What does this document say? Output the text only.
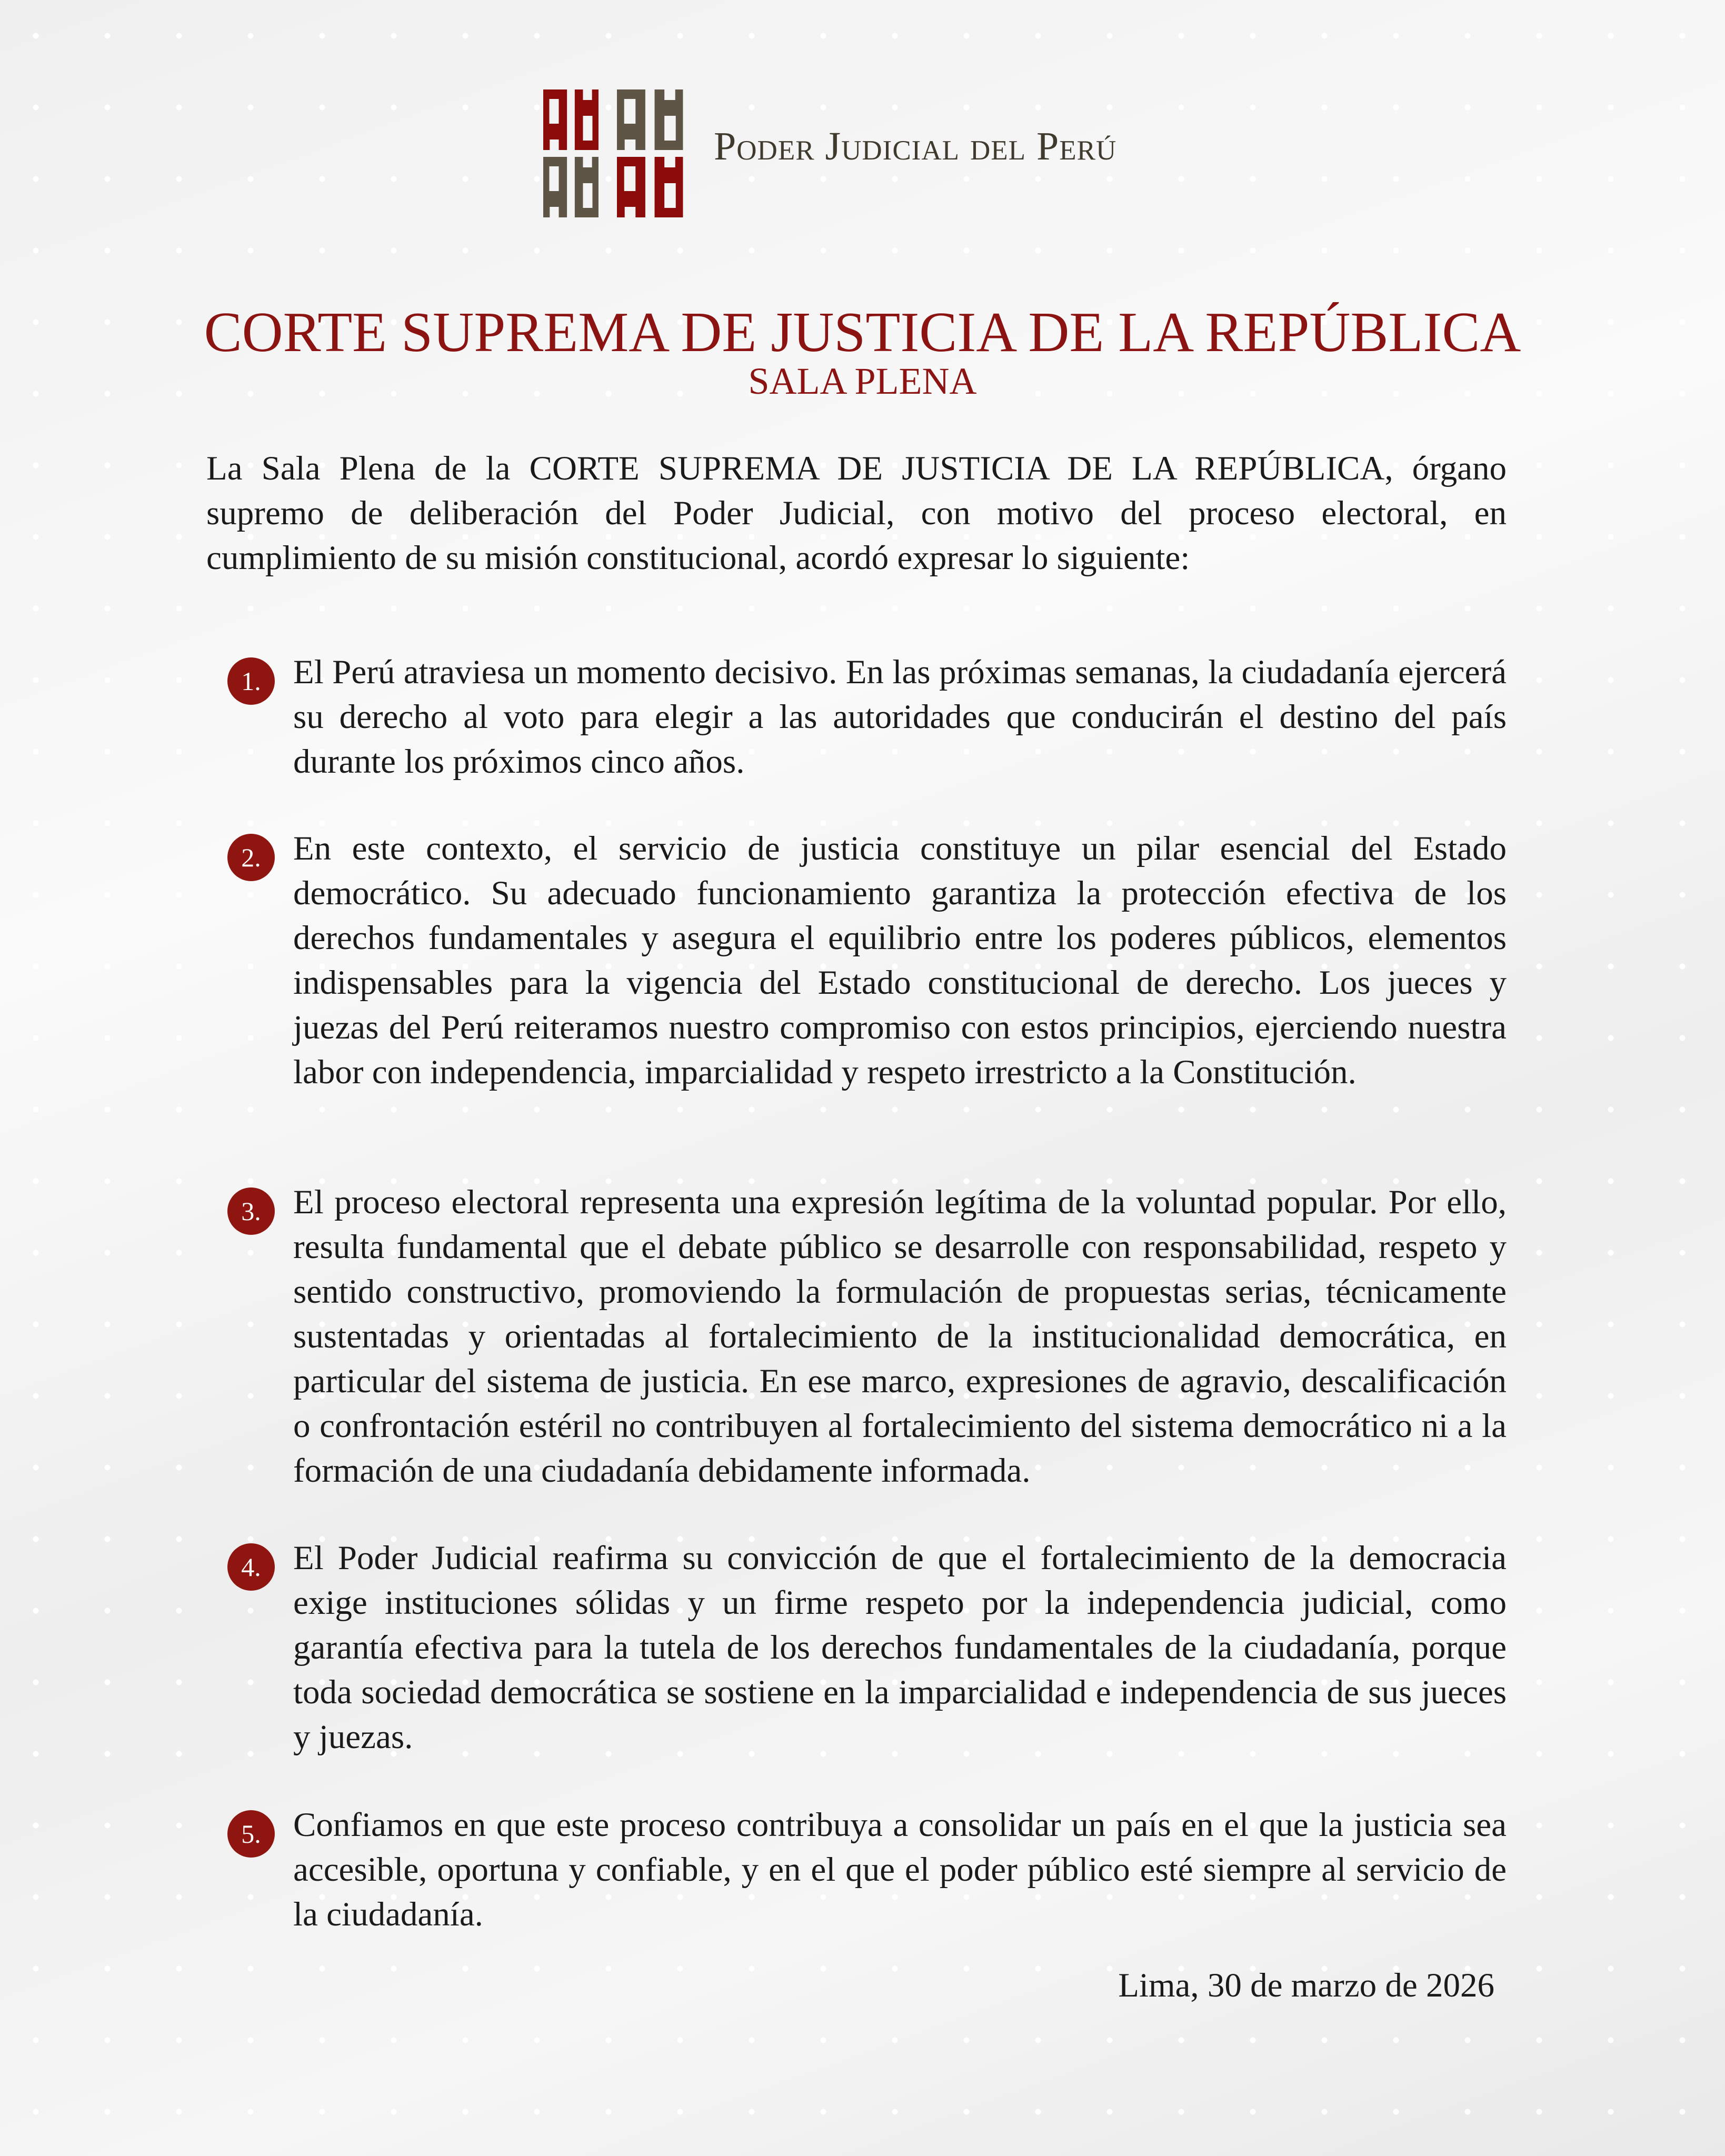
Poder Judicial del Perú
CORTE SUPREMA DE JUSTICIA DE LA REPÚBLICA
SALA PLENA
La Sala Plena de la CORTE SUPREMA DE JUSTICIA DE LA REPÚBLICA, órgano supremo de deliberación del Poder Judicial, con motivo del proceso electoral, en cumplimiento de su misión constitucional, acordó expresar lo siguiente:
1. El Perú atraviesa un momento decisivo. En las próximas semanas, la ciudadanía ejercerá su derecho al voto para elegir a las autoridades que conducirán el destino del país durante los próximos cinco años.
2. En este contexto, el servicio de justicia constituye un pilar esencial del Estado democrático. Su adecuado funcionamiento garantiza la protección efectiva de los derechos fundamentales y asegura el equilibrio entre los poderes públicos, elementos indispensables para la vigencia del Estado constitucional de derecho. Los jueces y juezas del Perú reiteramos nuestro compromiso con estos principios, ejerciendo nuestra labor con independencia, imparcialidad y respeto irrestricto a la Constitución.
3. El proceso electoral representa una expresión legítima de la voluntad popular. Por ello, resulta fundamental que el debate público se desarrolle con responsabilidad, respeto y sentido constructivo, promoviendo la formulación de propuestas serias, técnicamente sustentadas y orientadas al fortalecimiento de la institucionalidad democrática, en particular del sistema de justicia. En ese marco, expresiones de agravio, descalificación o confrontación estéril no contribuyen al fortalecimiento del sistema democrático ni a la formación de una ciudadanía debidamente informada.
4. El Poder Judicial reafirma su convicción de que el fortalecimiento de la democracia exige instituciones sólidas y un firme respeto por la independencia judicial, como garantía efectiva para la tutela de los derechos fundamentales de la ciudadanía, porque toda sociedad democrática se sostiene en la imparcialidad e independencia de sus jueces y juezas.
5. Confiamos en que este proceso contribuya a consolidar un país en el que la justicia sea accesible, oportuna y confiable, y en el que el poder público esté siempre al servicio de la ciudadanía.
Lima, 30 de marzo de 2026
